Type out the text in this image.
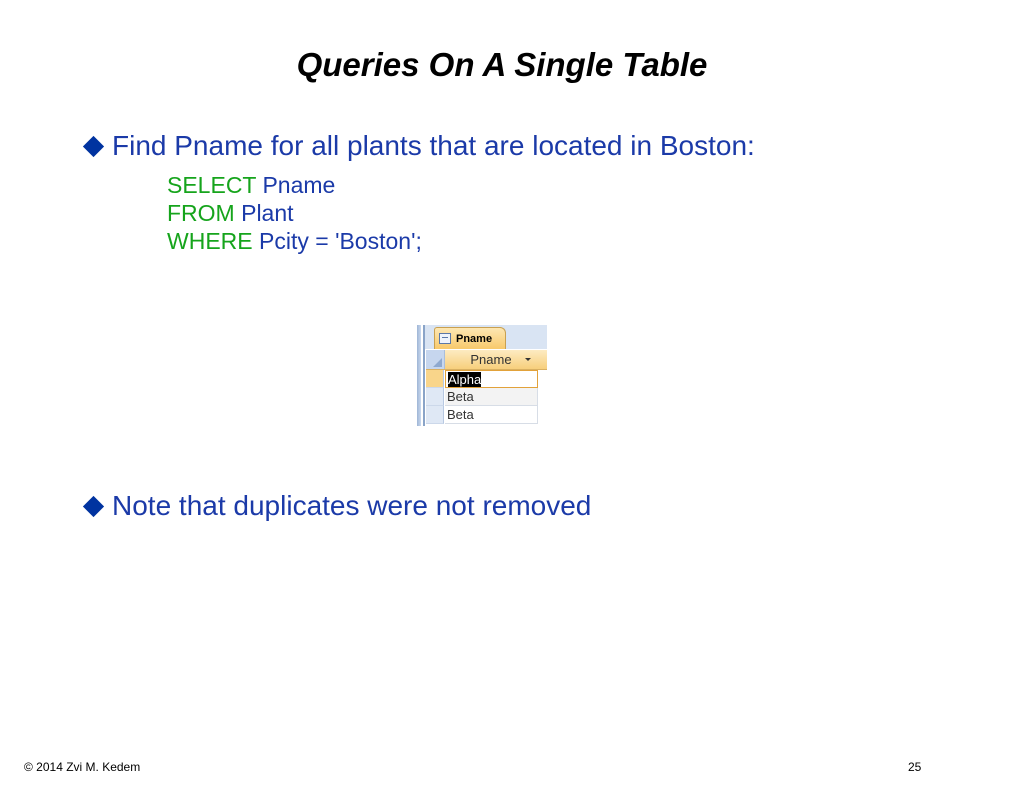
Queries On A Single Table
Find Pname for all plants that are located in Boston:
SELECT Pname
FROM Plant
WHERE Pcity = 'Boston';
Pname
Pname
Alpha
Beta
Beta
Note that duplicates were not removed
© 2014 Zvi M. Kedem	25
